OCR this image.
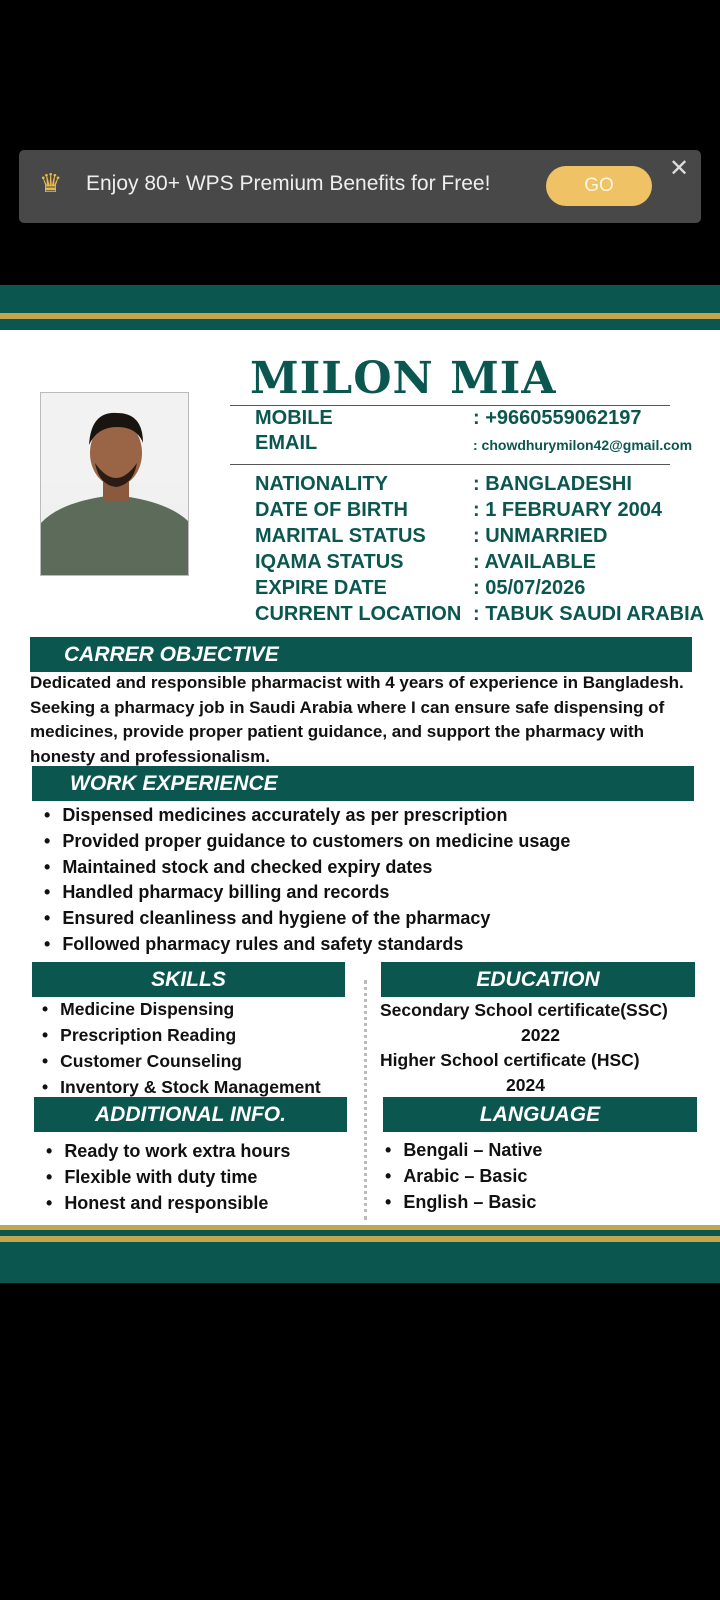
♛ Enjoy 80+ WPS Premium Benefits for Free!	GO
✕
MILON MIA
MOBILE	: +9660559062197
EMAIL	: chowdhurymilon42@gmail.com
NATIONALITY	: BANGLADESHI
DATE OF BIRTH	: 1 FEBRUARY 2004
MARITAL STATUS : UNMARRIED
IQAMA STATUS	: AVAILABLE
EXPIRE DATE	: 05/07/2026
CURRENT LOCATION : TABUK SAUDI ARABIA
CARRER OBJECTIVE
Dedicated and responsible pharmacist with 4 years of experience in Bangladesh. Seeking a pharmacy job in Saudi Arabia where I can ensure safe dispensing of medicines, provide proper patient guidance, and support the pharmacy with honesty and professionalism.
WORK EXPERIENCE
• Dispensed medicines accurately as per prescription
• Provided proper guidance to customers on medicine usage
• Maintained stock and checked expiry dates
• Handled pharmacy billing and records
• Ensured cleanliness and hygiene of the pharmacy
• Followed pharmacy rules and safety standards
SKILLS
• Medicine Dispensing
• Prescription Reading
• Customer Counseling
• Inventory & Stock Management
EDUCATION
Secondary School certificate(SSC)
2022
Higher School certificate (HSC)
2024
ADDITIONAL INFO.
• Ready to work extra hours
• Flexible with duty time
• Honest and responsible
LANGUAGE
• Bengali – Native
• Arabic – Basic
• English – Basic
